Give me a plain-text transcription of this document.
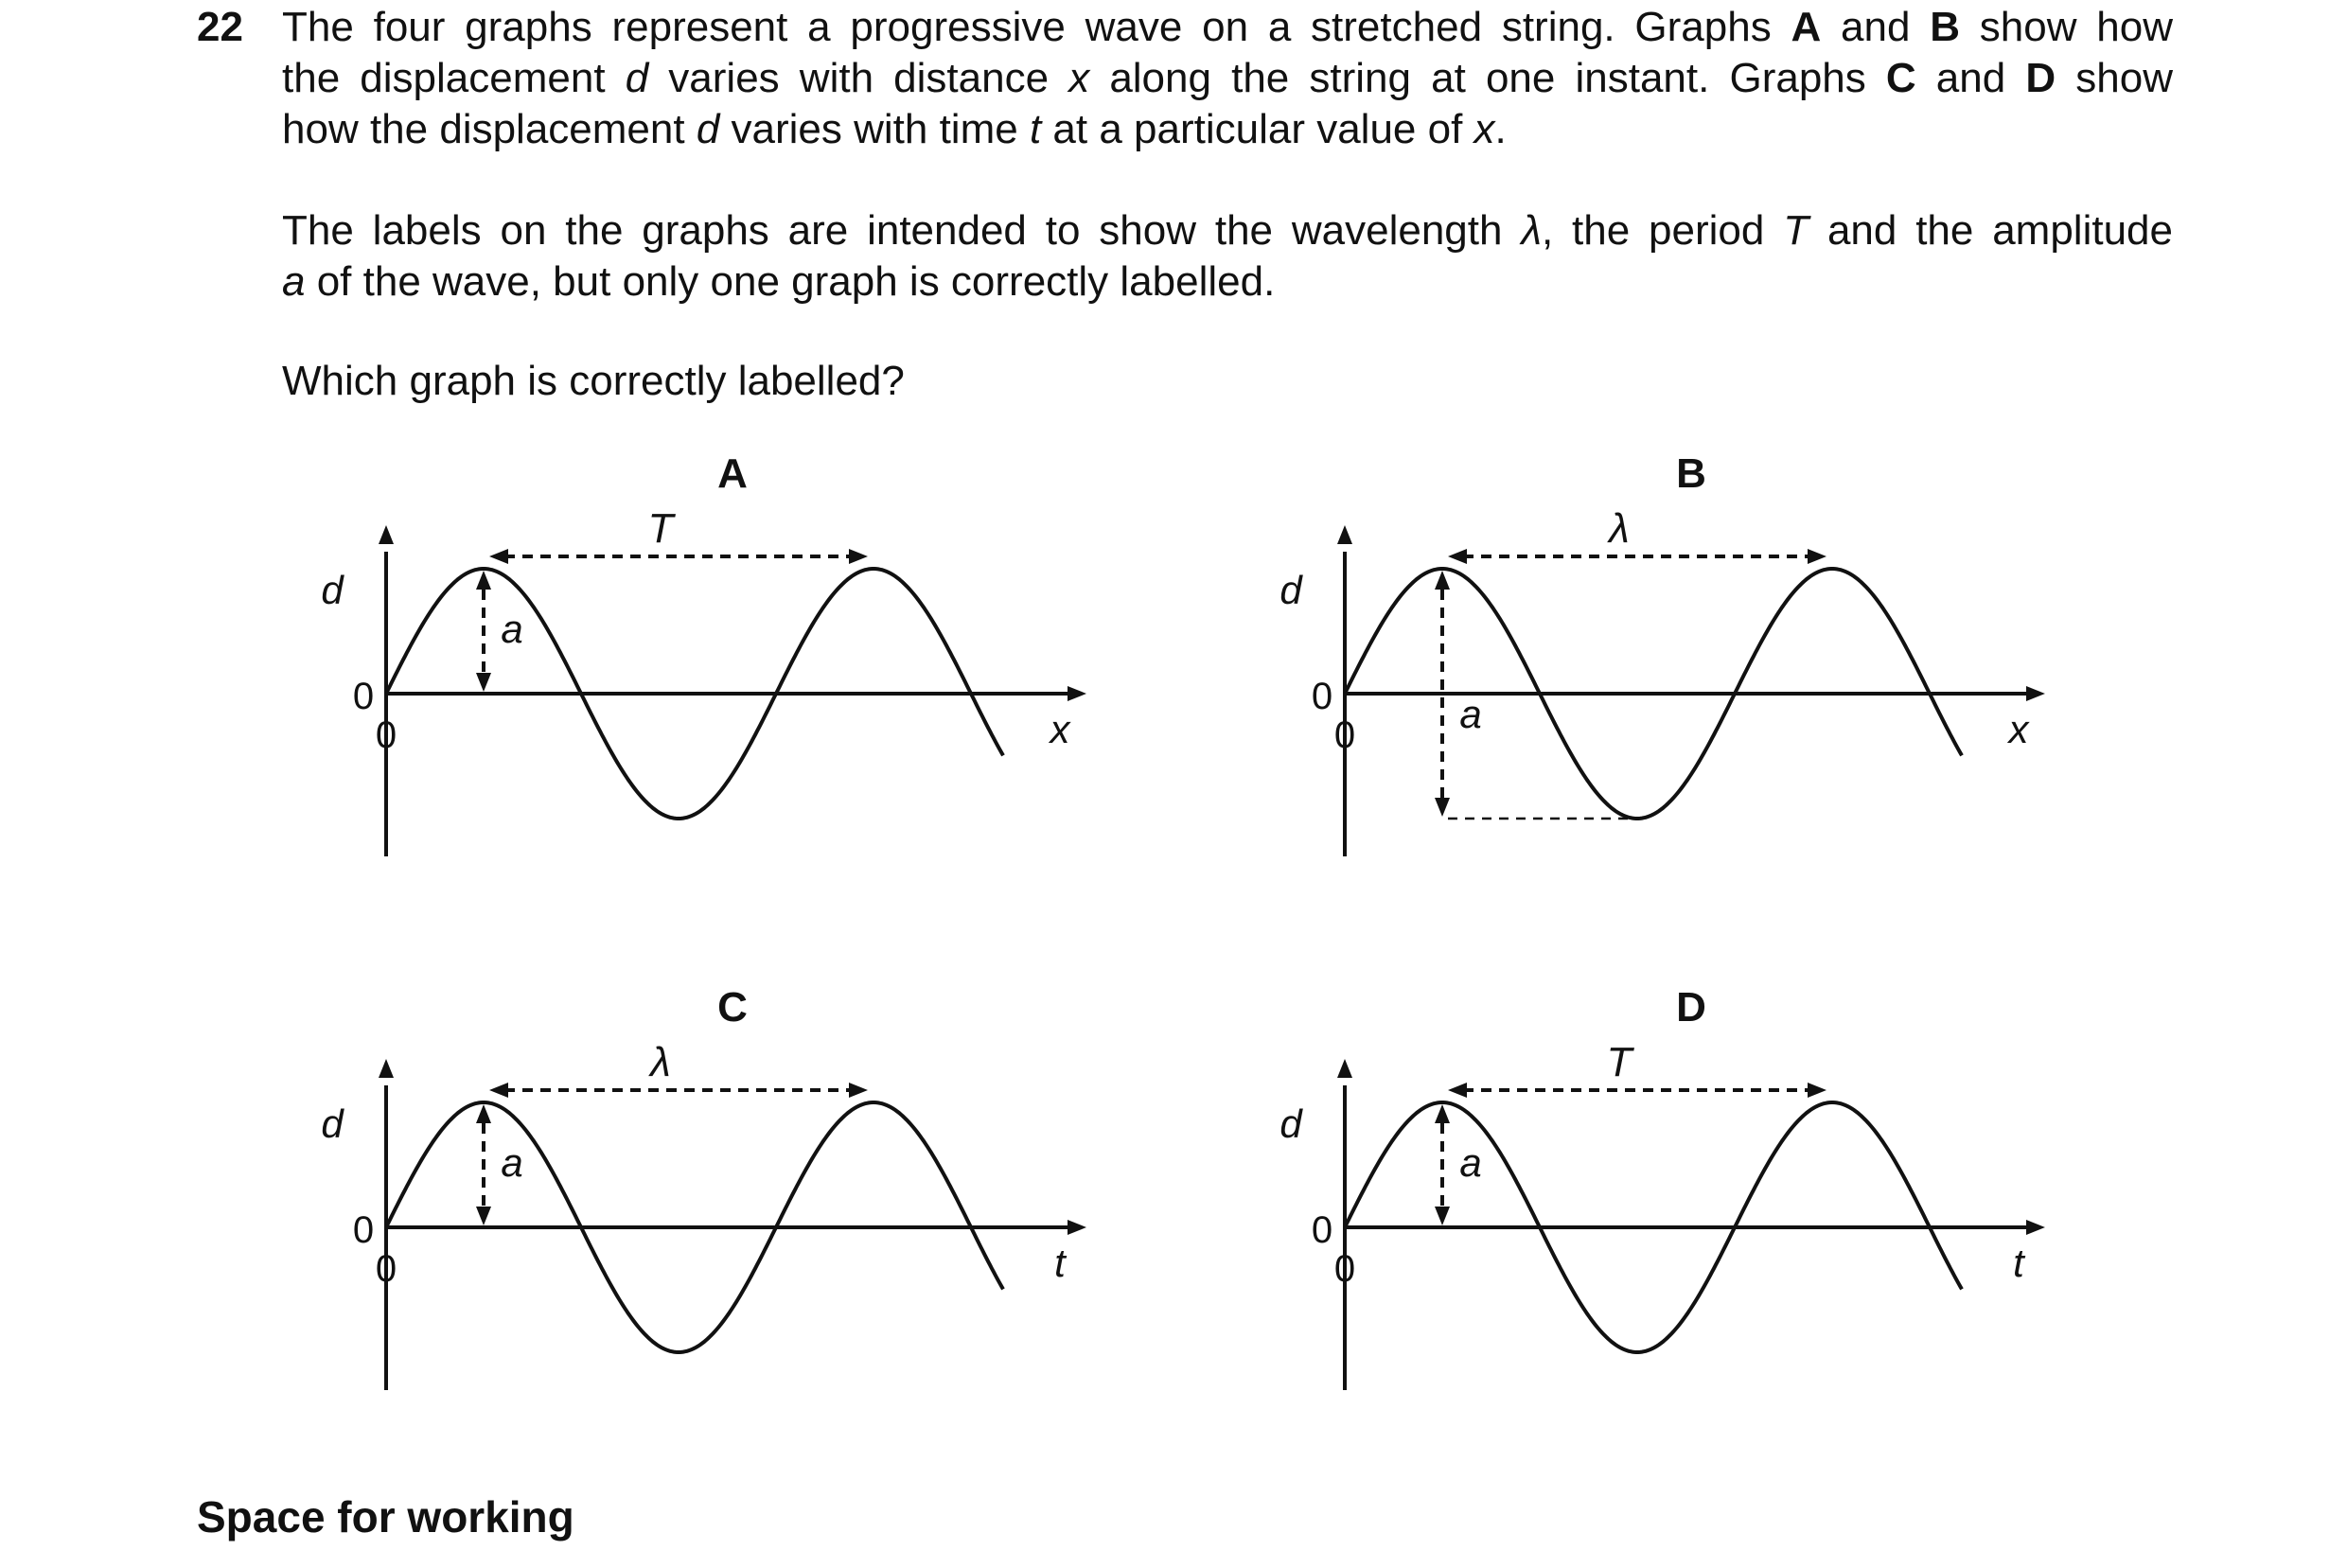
22 The four graphs represent a progressive wave on a stretched string. Graphs A and B show how
the displacement d varies with distance x along the string at one instant. Graphs C and D show
how the displacement d varies with time t at a particular value of x.
The labels on the graphs are intended to show the wavelength λ, the period T and the amplitude
a of the wave, but only one graph is correctly labelled.
Which graph is correctly labelled?
d
x
0
0
A
T
a
d
x
0
0
B
λ
a
d
t
0
0
C
λ
a
d
t
0
0
D
T
a
Space for working
